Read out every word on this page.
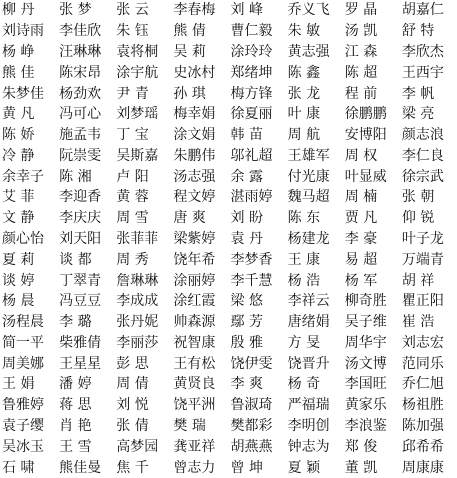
柳 丹	张 梦	张 云	李春梅	刘 峰	乔义飞	罗 晶	胡嘉仁
刘诗雨	李佳欣	朱 钰	熊 倩	曹仁毅	朱 敏	汤 凯	舒 特
杨 峥	汪琳琳	袁将桐	吴 莉	涂玲玲	黄志强	江 森	李欣杰
熊 佳	陈宋昂	涂宇航	史冰村	郑绪坤	陈 鑫	陈 超	王西宇
朱梦佳	杨劲欢	尹 青	孙 琪	梅方锋	张 龙	程 前	李 帆
黄 凡	冯可心	刘梦瑶	梅幸娟	徐夏丽	叶 康	徐鹏鹏	梁 亮
陈 娇	施孟韦	丁 宝	涂文娟	韩 苗	周 航	安博阳	颜志浪
冷 静	阮崇雯	吴斯嘉	朱鹏伟	邬礼超	王雄军	周 权	李仁良
余幸子	陈 湘	卢 阳	汤志强	余 露	付光康	叶显威	徐宗武
艾 菲	李迎香	黄 蓉	程文婷	湛雨婷	魏马超	周 楠	张 朝
文 静	李庆庆	周 雪	唐 爽	刘 盼	陈 东	贾 凡	仰 锐
颜心怡	刘天阳	张菲菲	梁紫婷	袁 丹	杨建龙	李 豪	叶子龙
夏 莉	谈 都	周 秀	饶年希	李梦香	王 康	易 超	万端青
谈 婷	丁翠青	詹琳琳	涂丽婷	李千慧	杨 浩	杨 军	胡 祥
杨 晨	冯豆豆	李成成	涂红霞	梁 悠	李祥云	柳奇胜	瞿正阳
汤程晨	李 璐	张丹妮	帅森源	鄢 芳	唐绪娟	吴子维	崔 浩
简一平	柴雅倩	李丽莎	祝智康	殷 雅	方 旻	周华宇	刘志宏
周美娜	王星星	彭 思	王有松	饶伊雯	饶晋升	汤文博	范同乐
王 娟	潘 婷	周 倩	黄贤良	李 爽	杨 奇	李国旺	乔仁旭
鲁雅婷	蒋 思	刘 悦	饶平洲	鲁淑琦	严福瑞	黄家乐	杨祖胜
袁子缨	肖 艳	张 倩	樊 瑞	樊都彩	李明创	李浪鉴	陈加强
吴冰玉	王 雪	高梦园	龚亚祥	胡燕燕	钟志为	郑 俊	邱希希
石 啸	熊佳曼	焦 千	曾志力	曾 坤	夏 颖	董 凯	周康康
